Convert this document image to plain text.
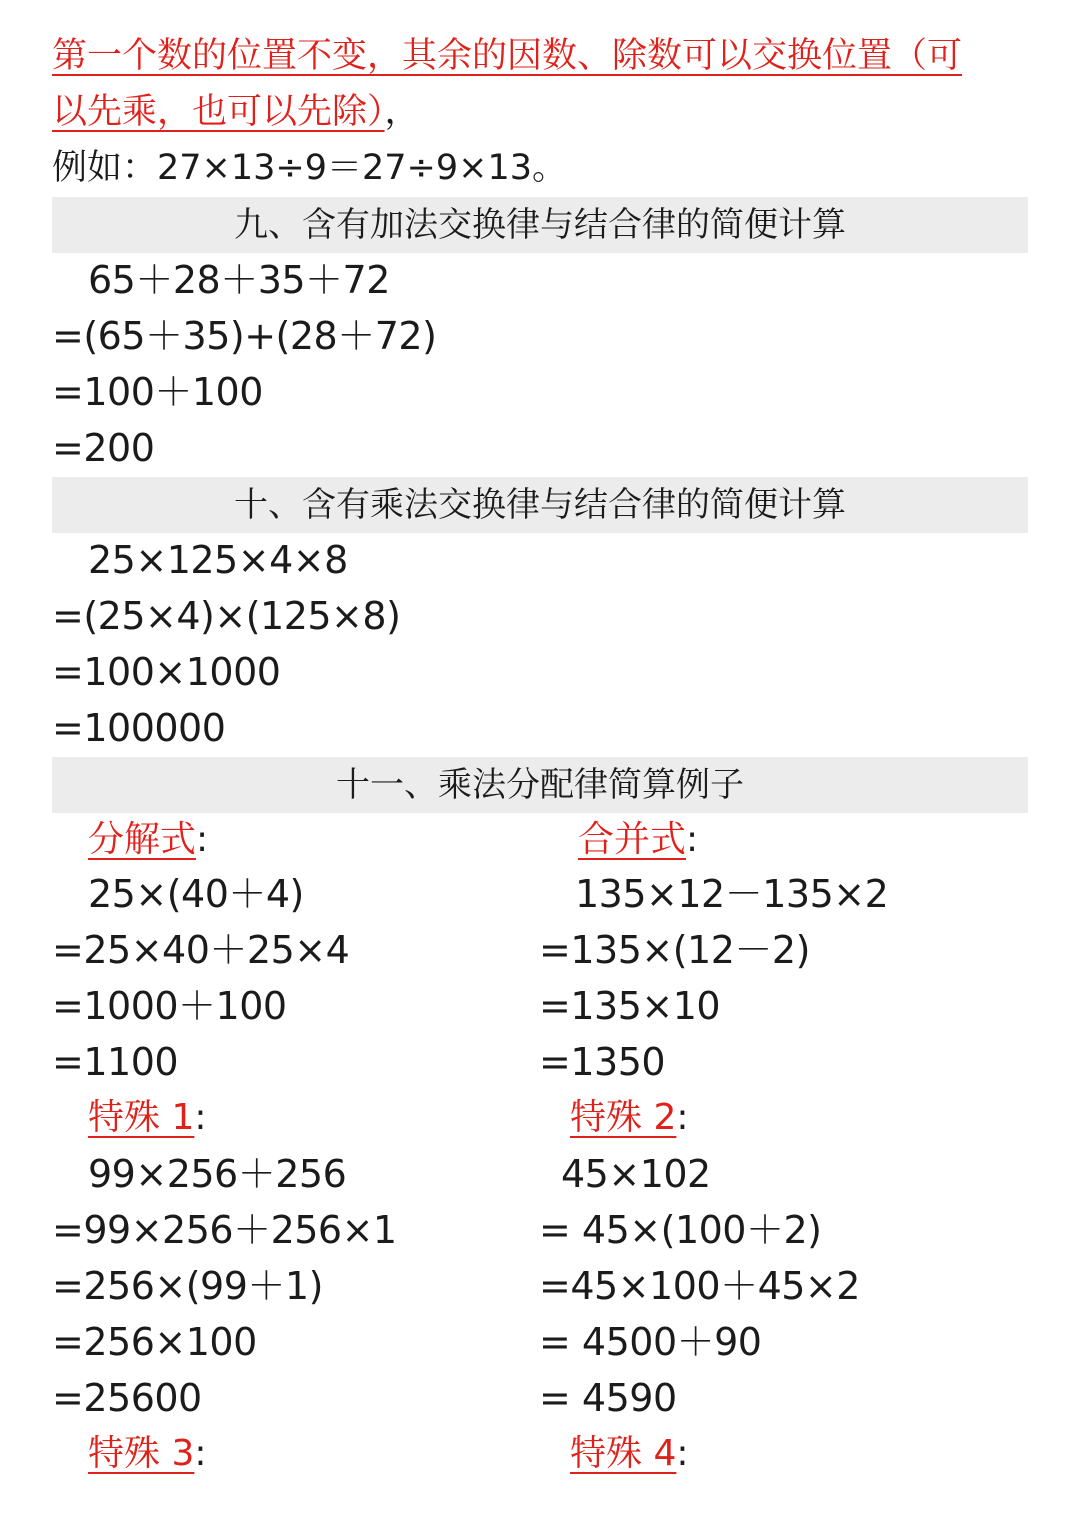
第一个数的位置不变，其余的因数、除数可以交换位置（可
以先乘，也可以先除），
例如：27×13÷9＝27÷9×13。
九、含有加法交换律与结合律的简便计算
65＋28＋35＋72
=(65＋35)+(28＋72)
=100＋100
=200
十、含有乘法交换律与结合律的简便计算
25×125×4×8
=(25×4)×(125×8)
=100×1000
=100000
十一、乘法分配律简算例子
分解式:
25×(40＋4)
=25×40＋25×4
=1000＋100
=1100
合并式:
135×12－135×2
=135×(12－2)
=135×10
=1350
特殊 1:
99×256＋256
=99×256＋256×1
=256×(99＋1)
=256×100
=25600
特殊 2:
45×102
= 45×(100＋2)
=45×100＋45×2
= 4500＋90
= 4590
特殊 3:	特殊 4:
